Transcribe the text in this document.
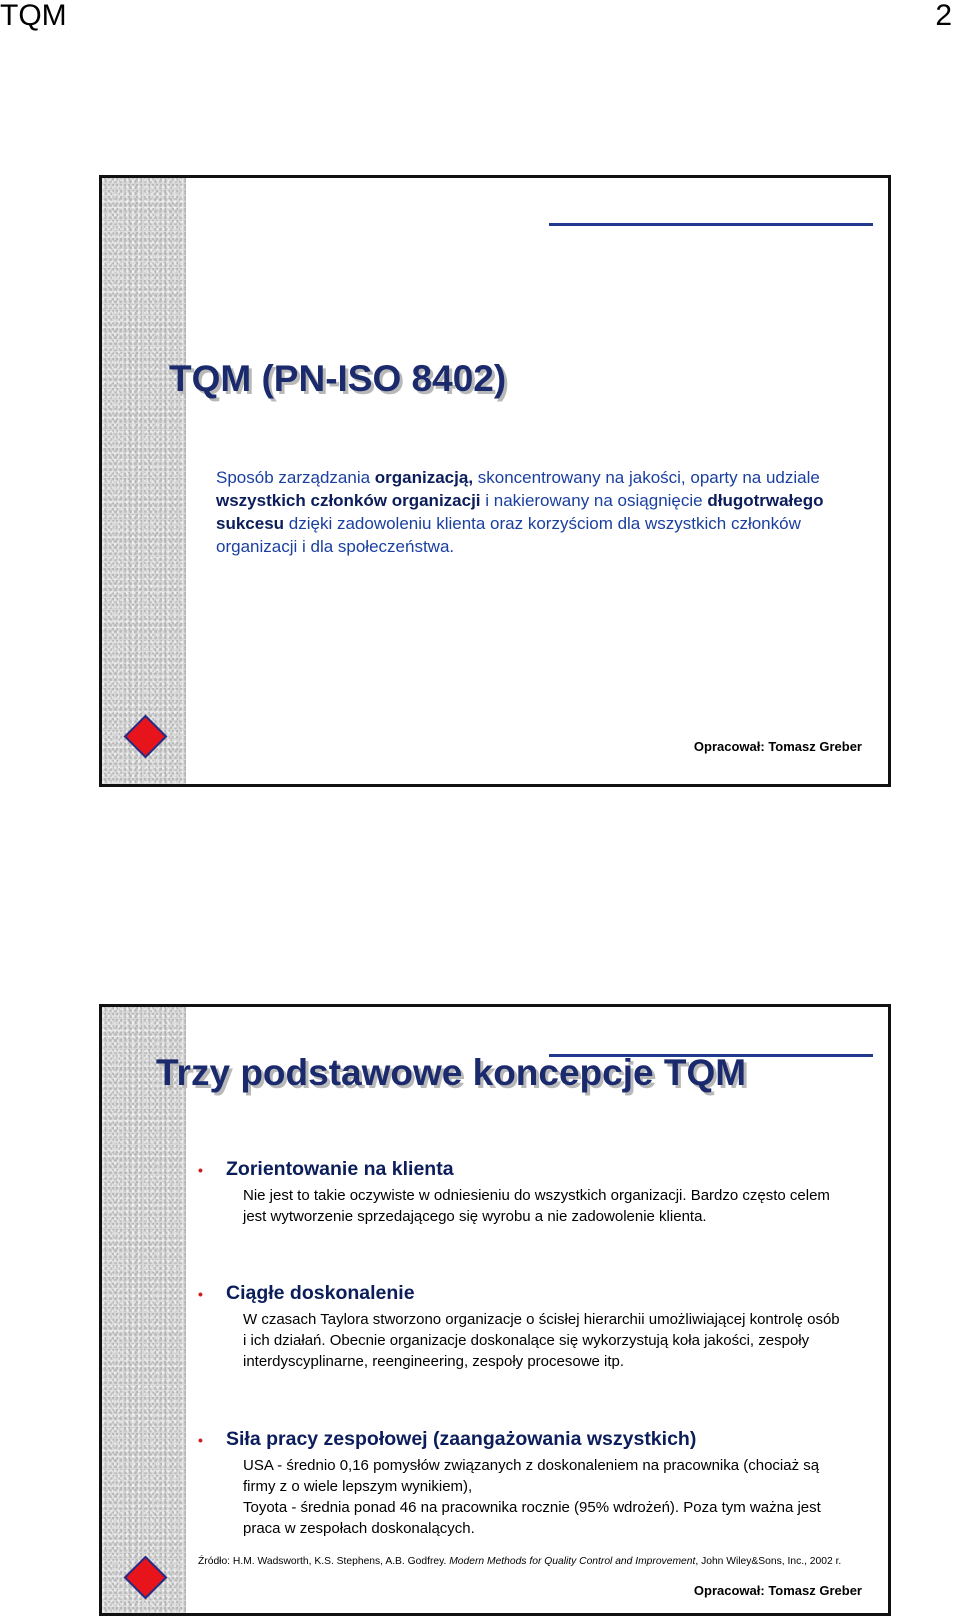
TQM	2
TQM (PN-ISO 8402)

Sposób zarządzania organizacją, skoncentrowany na jakości, oparty na udziale wszystkich członków organizacji i nakierowany na osiągnięcie długotrwałego sukcesu dzięki zadowoleniu klienta oraz korzyściom dla wszystkich członków organizacji i dla społeczeństwa.

Opracował: Tomasz Greber
Trzy podstawowe koncepcje TQM
• Zorientowanie na klienta
Nie jest to takie oczywiste w odniesieniu do wszystkich organizacji. Bardzo często celem jest wytworzenie sprzedającego się wyrobu a nie zadowolenie klienta.
• Ciągłe doskonalenie
W czasach Taylora stworzono organizacje o ścisłej hierarchii umożliwiającej kontrolę osób i ich działań. Obecnie organizacje doskonalące się wykorzystują koła jakości, zespoły interdyscyplinarne, reengineering, zespoły procesowe itp.
• Siła pracy zespołowej (zaangażowania wszystkich)
USA - średnio 0,16 pomysłów związanych z doskonaleniem na pracownika (chociaż są firmy z o wiele lepszym wynikiem),
Toyota - średnia ponad 46 na pracownika rocznie (95% wdrożeń). Poza tym ważna jest praca w zespołach doskonalących.
Źródło: H.M. Wadsworth, K.S. Stephens, A.B. Godfrey. Modern Methods for Quality Control and Improvement, John Wiley&Sons, Inc., 2002 r.
Opracował: Tomasz Greber
